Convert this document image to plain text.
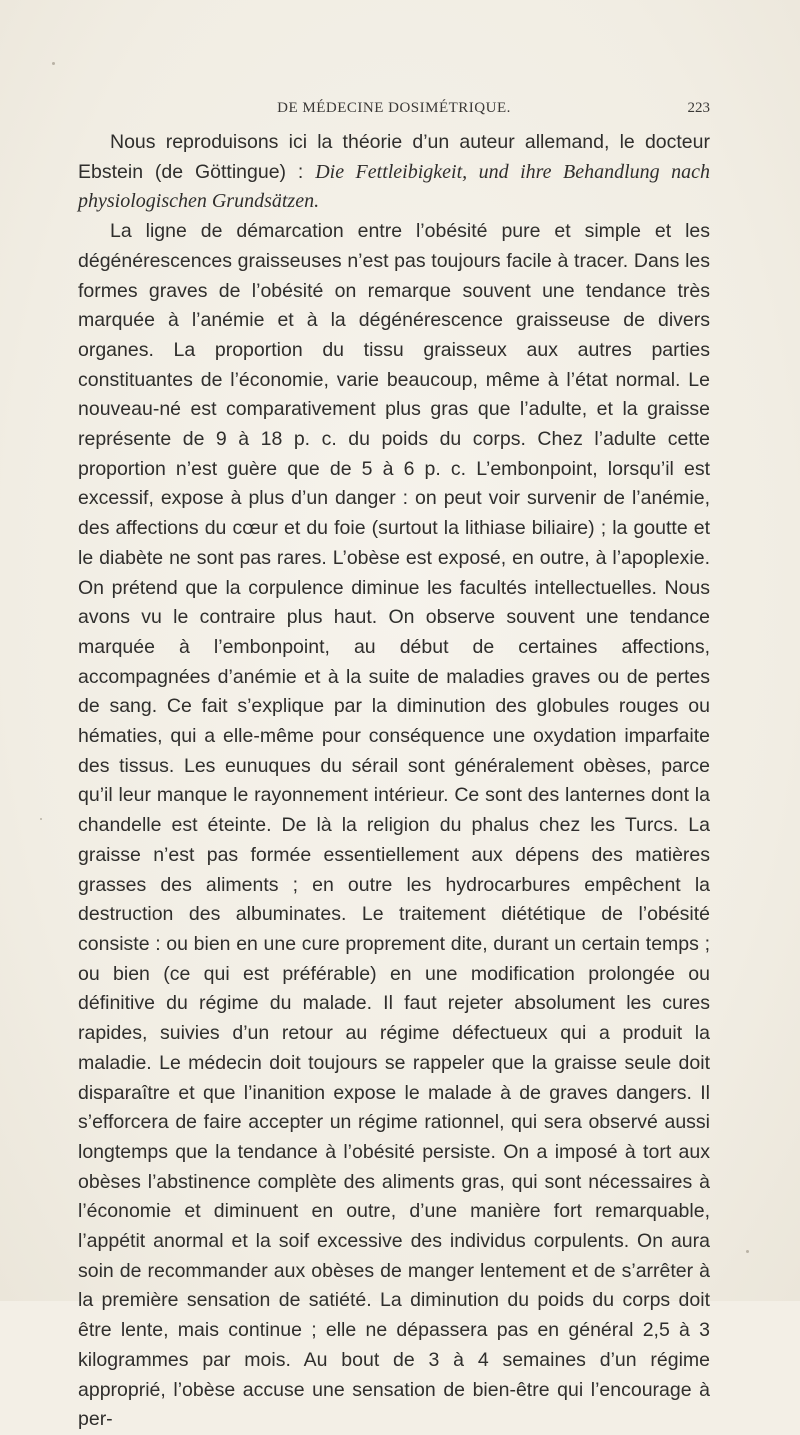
DE MÉDECINE DOSIMÉTRIQUE.	223

Nous reproduisons ici la théorie d’un auteur allemand, le docteur Ebstein (de Göttingue) : Die Fettleibigkeit, und ihre Behandlung nach physiologischen Grundsätzen.

La ligne de démarcation entre l’obésité pure et simple et les dégénérescences graisseuses n’est pas toujours facile à tracer. Dans les formes graves de l’obésité on remarque souvent une tendance très marquée à l’anémie et à la dégénérescence graisseuse de divers organes. La proportion du tissu graisseux aux autres parties constituantes de l’économie, varie beaucoup, même à l’état normal. Le nouveau-né est comparativement plus gras que l’adulte, et la graisse représente de 9 à 18 p. c. du poids du corps. Chez l’adulte cette proportion n’est guère que de 5 à 6 p. c. L’embonpoint, lorsqu’il est excessif, expose à plus d’un danger : on peut voir survenir de l’anémie, des affections du cœur et du foie (surtout la lithiase biliaire) ; la goutte et le diabète ne sont pas rares. L’obèse est exposé, en outre, à l’apoplexie. On prétend que la corpulence diminue les facultés intellectuelles. Nous avons vu le contraire plus haut. On observe souvent une tendance marquée à l’embonpoint, au début de certaines affections, accompagnées d’anémie et à la suite de maladies graves ou de pertes de sang. Ce fait s’explique par la diminution des globules rouges ou hématies, qui a elle-même pour conséquence une oxydation imparfaite des tissus. Les eunuques du sérail sont généralement obèses, parce qu’il leur manque le rayonnement intérieur. Ce sont des lanternes dont la chandelle est éteinte. De là la religion du phalus chez les Turcs. La graisse n’est pas formée essentiellement aux dépens des matières grasses des aliments ; en outre les hydrocarbures empêchent la destruction des albuminates. Le traitement diététique de l’obésité consiste : ou bien en une cure proprement dite, durant un certain temps ; ou bien (ce qui est préférable) en une modification prolongée ou définitive du régime du malade. Il faut rejeter absolument les cures rapides, suivies d’un retour au régime défectueux qui a produit la maladie. Le médecin doit toujours se rappeler que la graisse seule doit disparaître et que l’inanition expose le malade à de graves dangers. Il s’efforcera de faire accepter un régime rationnel, qui sera observé aussi longtemps que la tendance à l’obésité persiste. On a imposé à tort aux obèses l’abstinence complète des aliments gras, qui sont nécessaires à l’économie et diminuent en outre, d’une manière fort remarquable, l’appétit anormal et la soif excessive des individus corpulents. On aura soin de recommander aux obèses de manger lentement et de s’arrêter à la première sensation de satiété. La diminution du poids du corps doit être lente, mais continue ; elle ne dépassera pas en général 2,5 à 3 kilogrammes par mois. Au bout de 3 à 4 semaines d’un régime approprié, l’obèse accuse une sensation de bien-être qui l’encourage à per-
